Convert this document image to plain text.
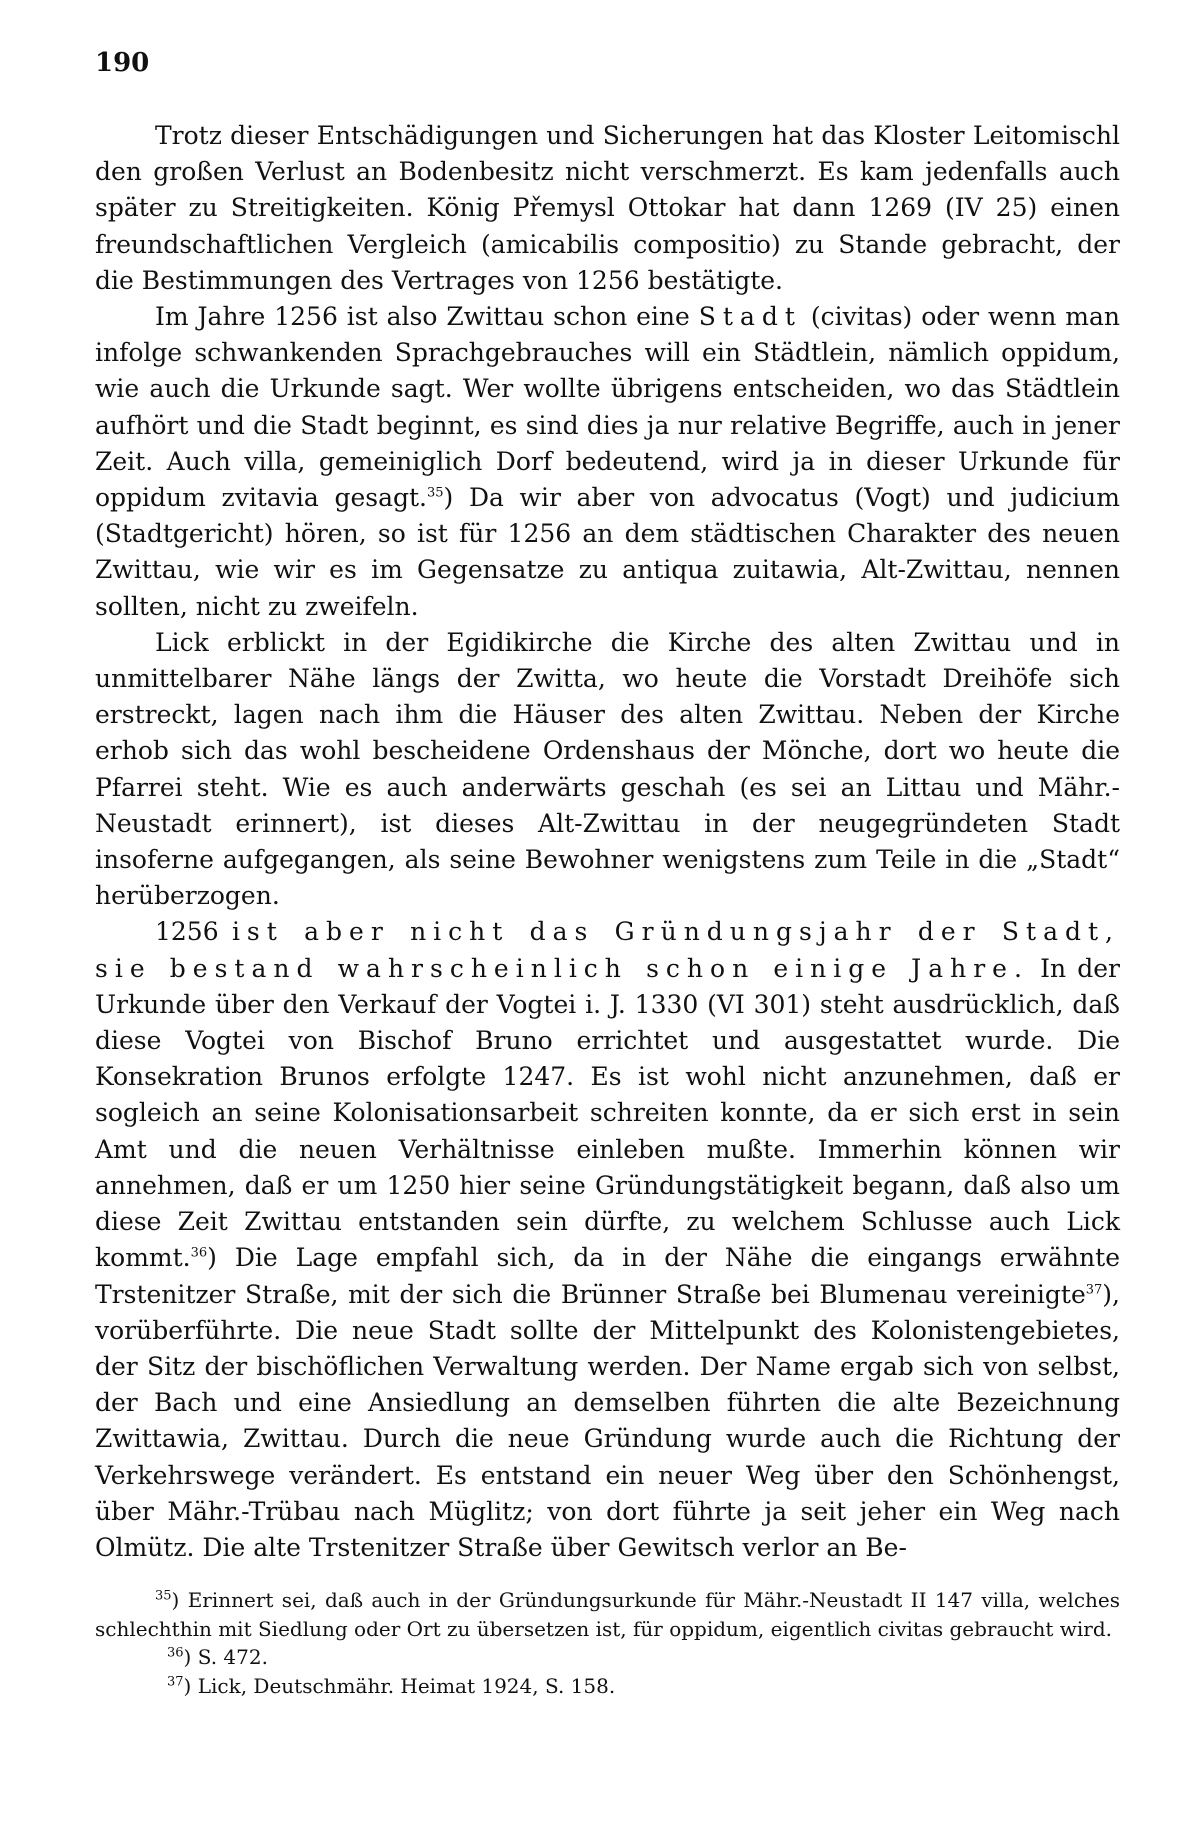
190

Trotz dieser Entschädigungen und Sicherungen hat das Kloster Leitomischl den großen Verlust an Bodenbesitz nicht verschmerzt. Es kam jedenfalls auch später zu Streitigkeiten. König Přemysl Ottokar hat dann 1269 (IV 25) einen freundschaftlichen Vergleich (amicabilis compositio) zu Stande gebracht, der die Bestimmungen des Vertrages von 1256 bestätigte.

Im Jahre 1256 ist also Zwittau schon eine Stadt (civitas) oder wenn man infolge schwankenden Sprachgebrauches will ein Städtlein, nämlich oppidum, wie auch die Urkunde sagt. Wer wollte übrigens entscheiden, wo das Städtlein aufhört und die Stadt beginnt, es sind dies ja nur relative Begriffe, auch in jener Zeit. Auch villa, gemeiniglich Dorf bedeutend, wird ja in dieser Urkunde für oppidum zvitavia gesagt.$^{35}$) Da wir aber von advocatus (Vogt) und judicium (Stadtgericht) hören, so ist für 1256 an dem städtischen Charakter des neuen Zwittau, wie wir es im Gegensatze zu antiqua zuitawia, Alt-Zwittau, nennen sollten, nicht zu zweifeln.

Lick erblickt in der Egidikirche die Kirche des alten Zwittau und in unmittelbarer Nähe längs der Zwitta, wo heute die Vorstadt Dreihöfe sich erstreckt, lagen nach ihm die Häuser des alten Zwittau. Neben der Kirche erhob sich das wohl bescheidene Ordenshaus der Mönche, dort wo heute die Pfarrei steht. Wie es auch anderwärts geschah (es sei an Littau und Mähr.-Neustadt erinnert), ist dieses Alt-Zwittau in der neugegründeten Stadt insoferne aufgegangen, als seine Bewohner wenigstens zum Teile in die „Stadt“ herüberzogen.

1256 ist aber nicht das Gründungsjahr der Stadt, sie bestand wahrscheinlich schon einige Jahre. In der Urkunde über den Verkauf der Vogtei i. J. 1330 (VI 301) steht ausdrücklich, daß diese Vogtei von Bischof Bruno errichtet und ausgestattet wurde. Die Konsekration Brunos erfolgte 1247. Es ist wohl nicht anzunehmen, daß er sogleich an seine Kolonisationsarbeit schreiten konnte, da er sich erst in sein Amt und die neuen Verhältnisse einleben mußte. Immerhin können wir annehmen, daß er um 1250 hier seine Gründungstätigkeit begann, daß also um diese Zeit Zwittau entstanden sein dürfte, zu welchem Schlusse auch Lick kommt.$^{36}$) Die Lage empfahl sich, da in der Nähe die eingangs erwähnte Trstenitzer Straße, mit der sich die Brünner Straße bei Blumenau vereinigte$^{37}$), vorüberführte. Die neue Stadt sollte der Mittelpunkt des Kolonistengebietes, der Sitz der bischöflichen Verwaltung werden. Der Name ergab sich von selbst, der Bach und eine Ansiedlung an demselben führten die alte Bezeichnung Zwittawia, Zwittau. Durch die neue Gründung wurde auch die Richtung der Verkehrswege verändert. Es entstand ein neuer Weg über den Schönhengst, über Mähr.-Trübau nach Müglitz; von dort führte ja seit jeher ein Weg nach Olmütz. Die alte Trstenitzer Straße über Gewitsch verlor an Be-

$^{35}$) Erinnert sei, daß auch in der Gründungsurkunde für Mähr.-Neustadt II 147 villa, welches schlechthin mit Siedlung oder Ort zu übersetzen ist, für oppidum, eigentlich civitas gebraucht wird.

$^{36}$) S. 472.

$^{37}$) Lick, Deutschmähr. Heimat 1924, S. 158.
